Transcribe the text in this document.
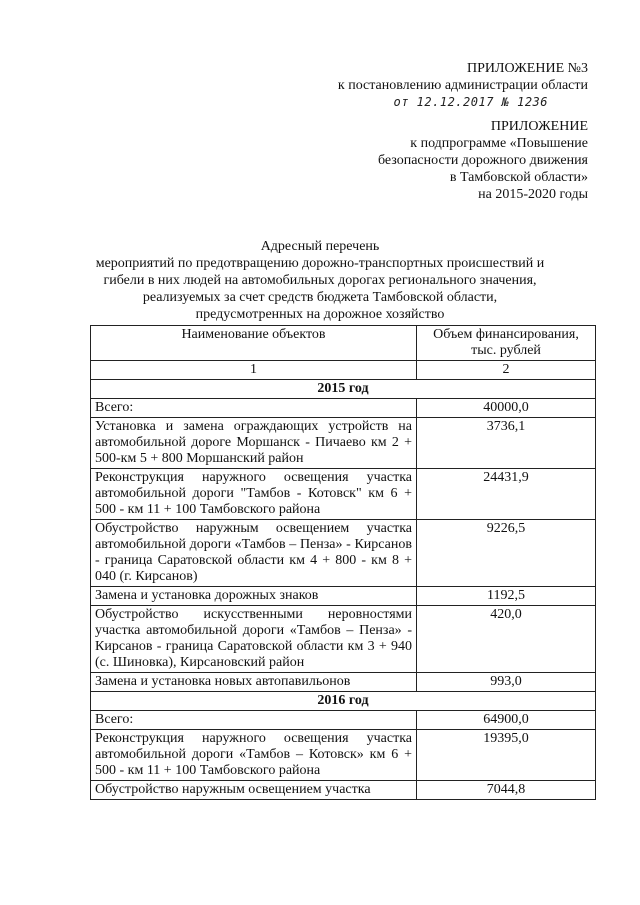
ПРИЛОЖЕНИЕ №3
к постановлению администрации области
от 12.12.2017 № 1236
ПРИЛОЖЕНИЕ
к подпрограмме «Повышение
безопасности дорожного движения
в Тамбовской области»
на 2015-2020 годы
Адресный перечень
мероприятий по предотвращению дорожно-транспортных происшествий и
гибели в них людей на автомобильных дорогах регионального значения,
реализуемых за счет средств бюджета Тамбовской области,
предусмотренных на дорожное хозяйство
Наименование объектов	Объем финансирования, тыс. рублей
1	2
2015 год	
Всего:	40000,0
Установка и замена ограждающих устройств на автомобильной дороге Моршанск - Пичаево км 2 + 500-км 5 + 800 Моршанский район	3736,1
Реконструкция наружного освещения участка автомобильной дороги "Тамбов - Котовск" км 6 + 500 - км 11 + 100 Тамбовского района	24431,9
Обустройство наружным освещением участка автомобильной дороги «Тамбов – Пенза» - Кирсанов - граница Саратовской области км 4 + 800 - км 8 + 040 (г. Кирсанов)	9226,5
Замена и установка дорожных знаков	1192,5
Обустройство искусственными неровностями участка автомобильной дороги «Тамбов – Пенза» - Кирсанов - граница Саратовской области км 3 + 940 (с. Шиновка), Кирсановский район	420,0
Замена и установка новых автопавильонов	993,0
2016 год	
Всего:	64900,0
Реконструкция наружного освещения участка автомобильной дороги «Тамбов – Котовск» км 6 + 500 - км 11 + 100 Тамбовского района	19395,0
Обустройство наружным освещением участка	7044,8
